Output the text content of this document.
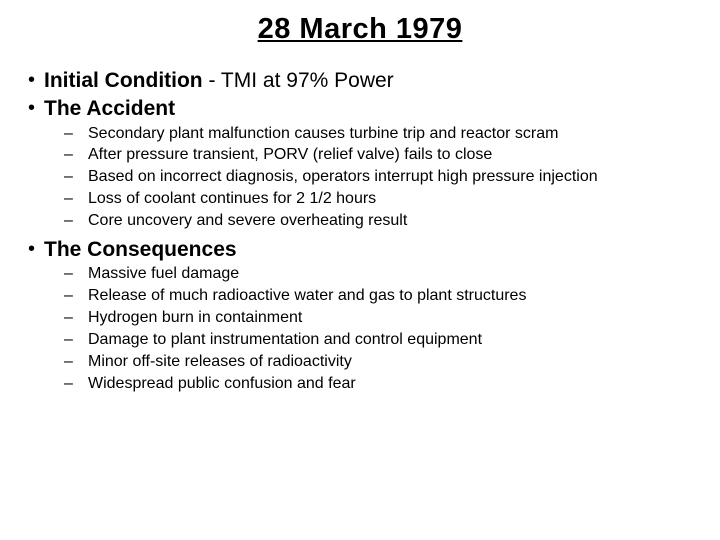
28 March 1979
• Initial Condition - TMI at 97% Power
• The Accident
– Secondary plant malfunction causes turbine trip and reactor scram
– After pressure transient, PORV (relief valve) fails to close
– Based on incorrect diagnosis, operators interrupt high pressure injection
– Loss of coolant continues for 2 1/2 hours
– Core uncovery and severe overheating result
• The Consequences
– Massive fuel damage
– Release of much radioactive water and gas to plant structures
– Hydrogen burn in containment
– Damage to plant instrumentation and control equipment
– Minor off-site releases of radioactivity
– Widespread public confusion and fear
